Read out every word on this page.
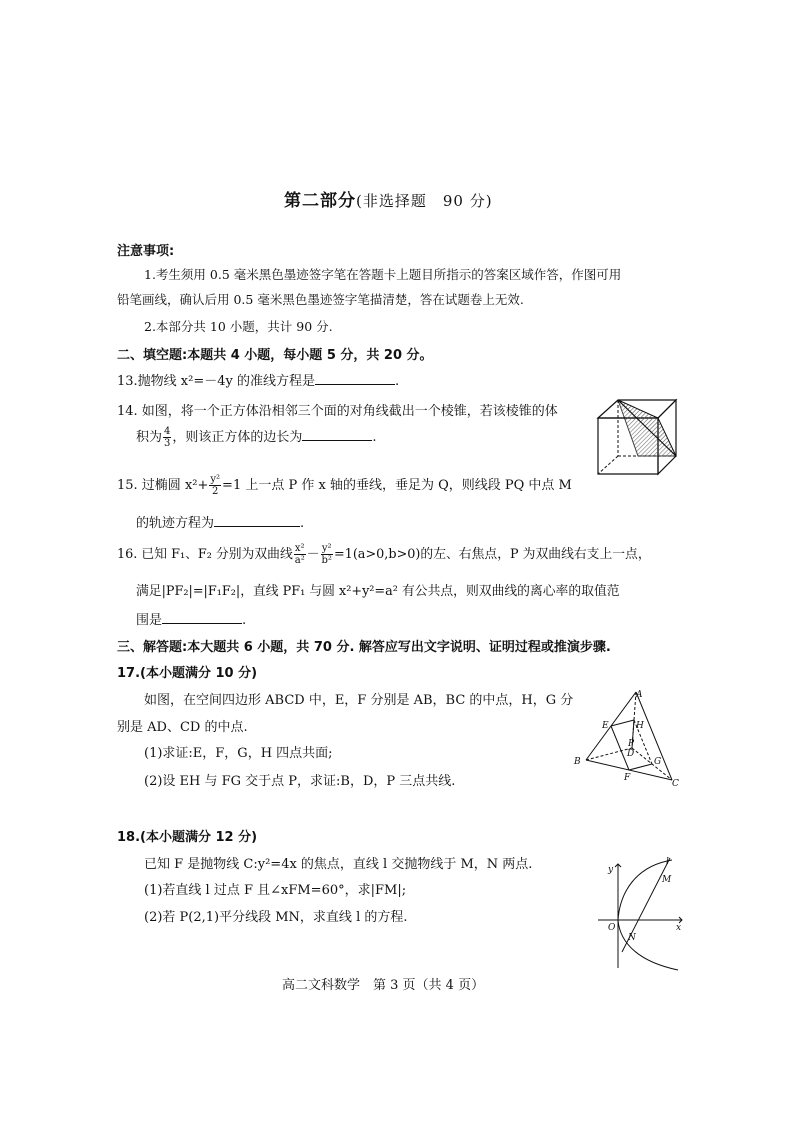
第二部分(非选择题　90 分)
注意事项:
1.考生须用 0.5 毫米黑色墨迹签字笔在答题卡上题目所指示的答案区域作答，作图可用
铅笔画线，确认后用 0.5 毫米黑色墨迹签字笔描清楚，答在试题卷上无效.
2.本部分共 10 小题，共计 90 分.
二、填空题:本题共 4 小题，每小题 5 分，共 20 分。
13.抛物线 x²=－4y 的准线方程是	.
14. 如图，将一个正方体沿相邻三个面的对角线截出一个棱锥，若该棱锥的体
积为 $\frac{4}{3}$ ，则该正方体的边长为	.
15. 过椭圆 $x^2+ \frac{\text{y²}}{2} =1$ 上一点 P 作 x 轴的垂线，垂足为 Q，则线段 PQ 中点 M
的轨迹方程为	.
16. 已知 F₁、F₂ 分别为双曲线 $\frac{\text{x²}}{\text{a²}} - \frac{\text{y²}}{\text{b²}} =1(a>0,b>0)$的左、右焦点，P 为双曲线右支上一点，
满足|PF₂|=|F₁F₂|，直线 PF₁ 与圆 x²+y²=a² 有公共点，则双曲线的离心率的取值范
围是	.
三、解答题:本大题共 6 小题，共 70 分. 解答应写出文字说明、证明过程或推演步骤.
17.(本小题满分 10 分)
如图，在空间四边形 ABCD 中，E，F 分别是 AB，BC 的中点，H，G 分
别是 AD、CD 的中点.
(1)求证:E，F，G，H 四点共面;
(2)设 EH 与 FG 交于点 P，求证:B，D，P 三点共线.
A
B
C
D
E
F
G
H
P
18.(本小题满分 12 分)
已知 F 是抛物线 C:y²=4x 的焦点，直线 l 交抛物线于 M，N 两点.
(1)若直线 l 过点 F 且∠xFM=60°，求|FM|;
(2)若 P(2,1)平分线段 MN，求直线 l 的方程.
y
x
O
l
M
N
高二文科数学　第 3 页（共 4 页）
